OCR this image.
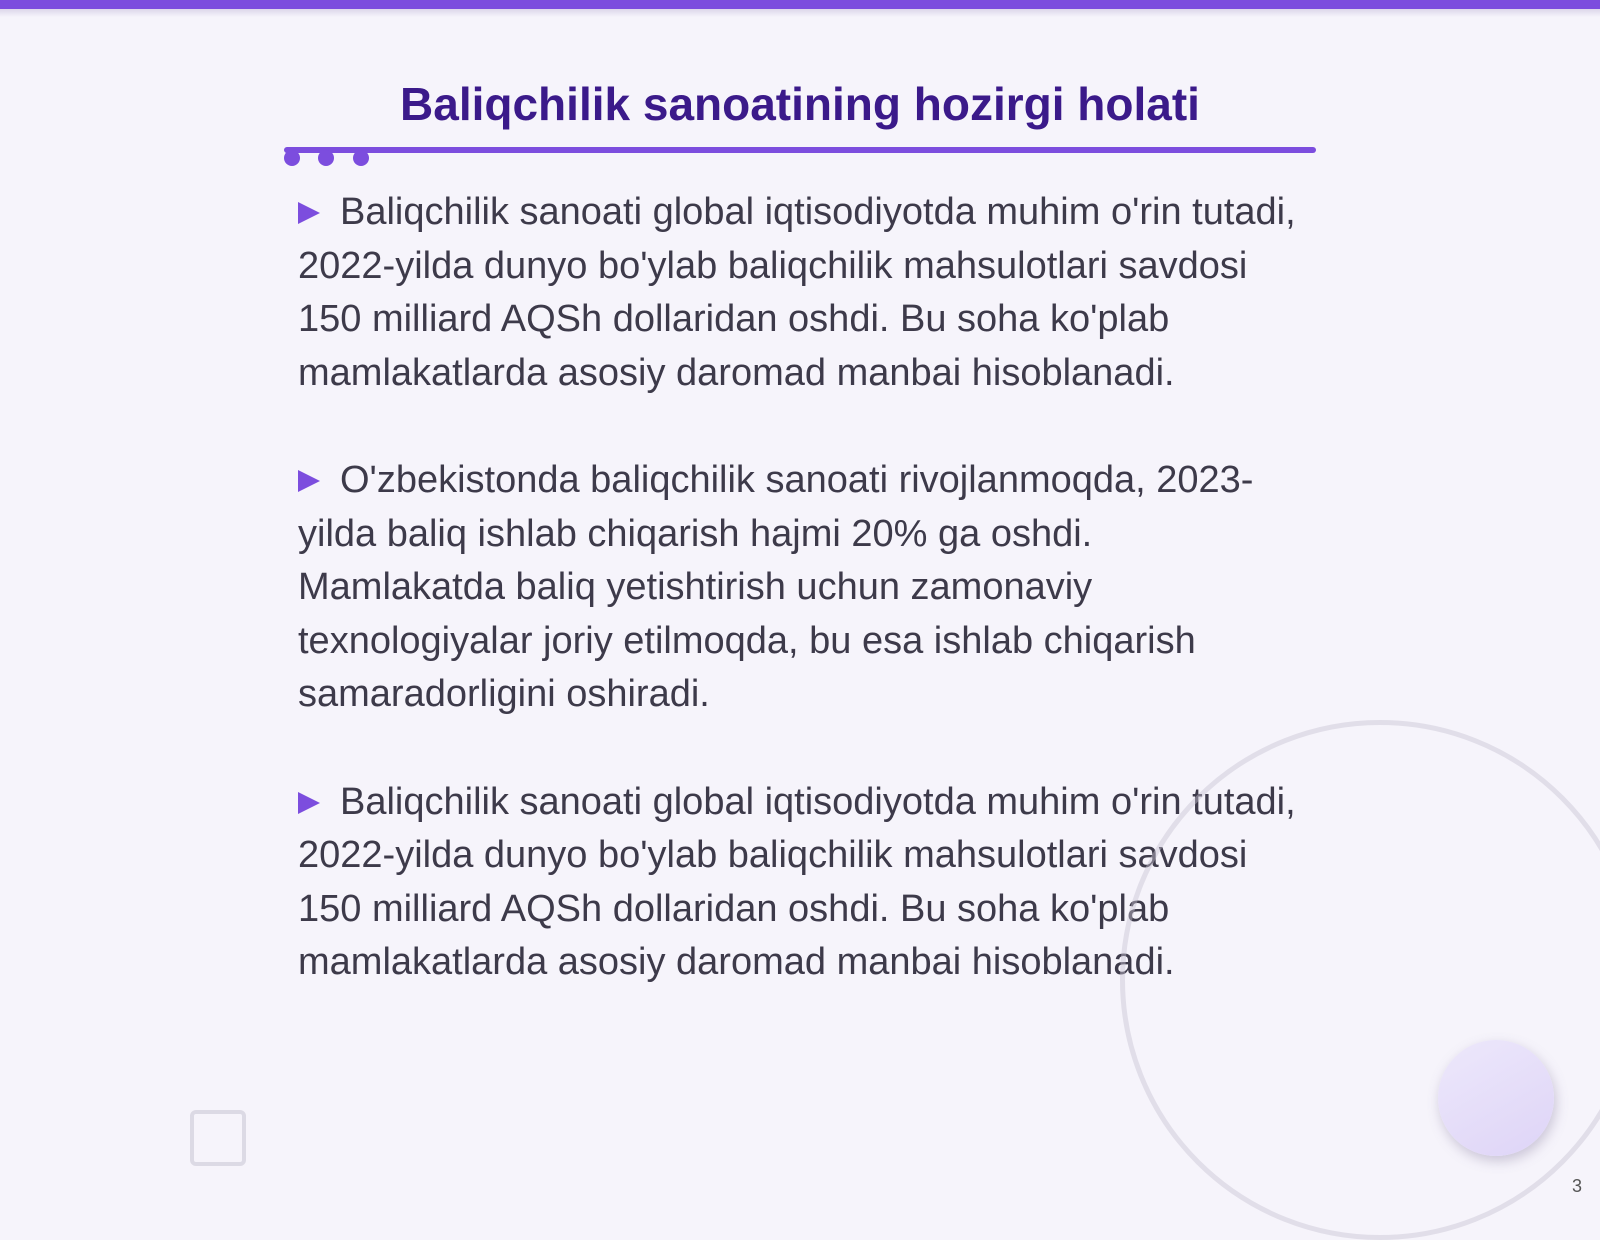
Baliqchilik sanoatining hozirgi holati

Baliqchilik sanoati global iqtisodiyotda muhim o'rin tutadi, 2022-yilda dunyo bo'ylab baliqchilik mahsulotlari savdosi 150 milliard AQSh dollaridan oshdi. Bu soha ko'plab mamlakatlarda asosiy daromad manbai hisoblanadi.

O'zbekistonda baliqchilik sanoati rivojlanmoqda, 2023-yilda baliq ishlab chiqarish hajmi 20% ga oshdi. Mamlakatda baliq yetishtirish uchun zamonaviy texnologiyalar joriy etilmoqda, bu esa ishlab chiqarish samaradorligini oshiradi.

Baliqchilik sanoati global iqtisodiyotda muhim o'rin tutadi, 2022-yilda dunyo bo'ylab baliqchilik mahsulotlari savdosi 150 milliard AQSh dollaridan oshdi. Bu soha ko'plab mamlakatlarda asosiy daromad manbai hisoblanadi.

3
